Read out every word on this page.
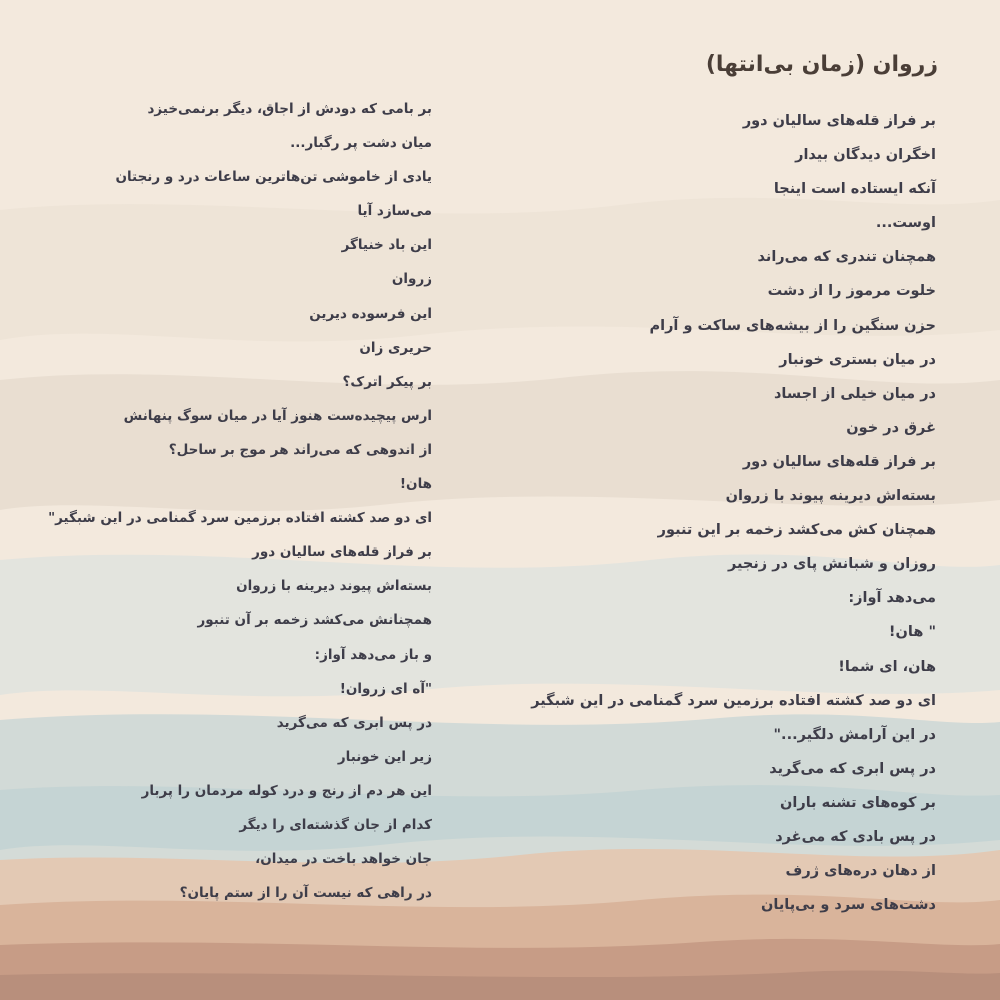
زروان (زمان بی‌انتها)
بر فراز قله‌های سالیان دور
اخگران دیدگان بیدار
آنکه ایستاده است اینجا
اوست...
همچنان تندری که می‌راند
خلوت مرموز را از دشت
حزن سنگین را از بیشه‌های ساکت و آرام
در میان بستری خونبار
در میان خیلی از اجساد
غرق در خون
بر فراز قله‌های سالیان دور
بسته‌اش دیرینه پیوند با زروان
همچنان کش می‌کشد زخمه بر این تنبور
روزان و شبانش پای در زنجیر
می‌دهد آواز:
" هان!
هان، ای شما!
ای دو صد کشته افتاده برزمین سرد گمنامی در این شبگیر
در این آرامش دلگیر..."
در پس ابری که می‌گرید
بر کوه‌های تشنه باران
در پس بادی که می‌غرد
از دهان دره‌های ژرف
دشت‌های سرد و بی‌پایان
بر بامی که دودش از اجاق، دیگر برنمی‌خیزد
میان دشت پر رگبار...
یادی از خاموشی تن‌هاترین ساعات درد و رنجتان
می‌سازد آیا
این باد خنیاگر
زروان
این فرسوده دیرین
حریری زان
بر پیکر اترک؟
ارس پیچیده‌ست هنوز آیا در میان سوگ پنهانش
از اندوهی که می‌راند هر موج بر ساحل؟
هان!
ای دو صد کشته افتاده برزمین سرد گمنامی در این شبگیر"
بر فراز قله‌های سالیان دور
بسته‌اش پیوند دیرینه با زروان
همچنانش می‌کشد زخمه بر آن تنبور
و باز می‌دهد آواز:
"آه ای زروان!
در پس ابری که می‌گرید
زیر این خونبار
این هر دم از رنج و درد کوله مردمان را پربار
کدام از جان گذشته‌ای را دیگر
جان خواهد باخت در میدان،
در راهی که نیست آن را از ستم پایان؟
